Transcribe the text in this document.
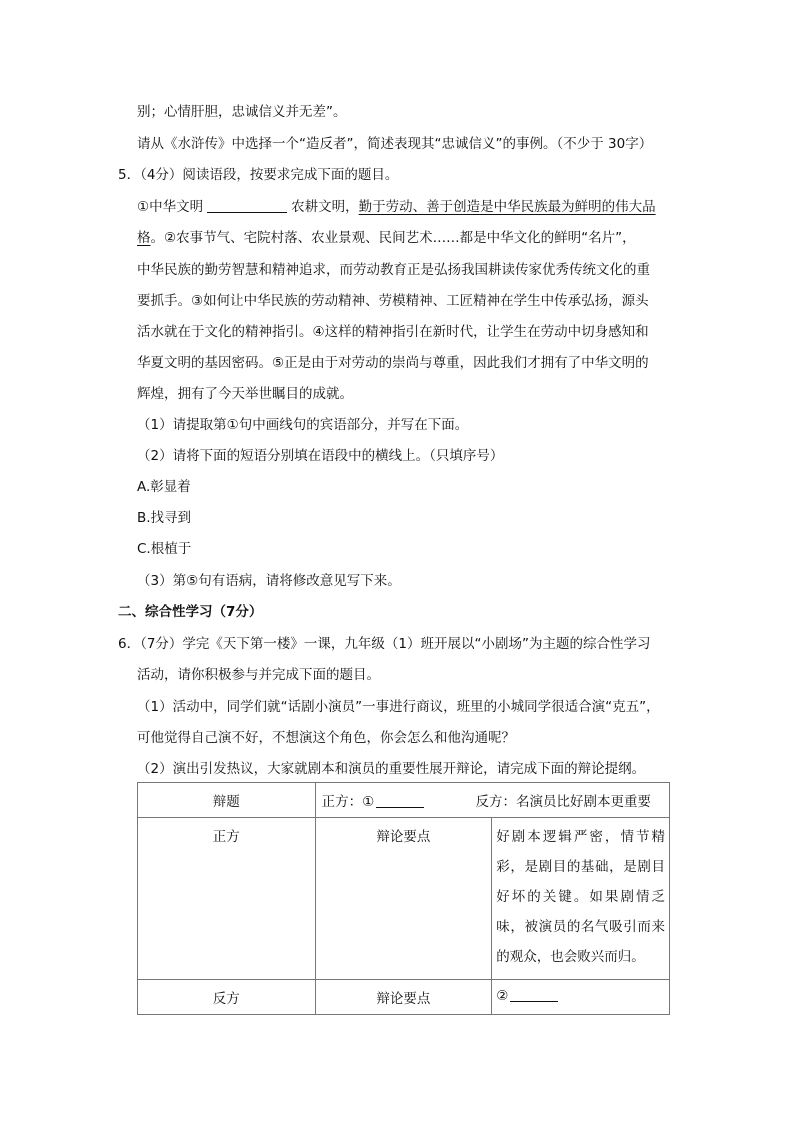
别；心情肝胆，忠诚信义并无差”。
请从《水浒传》中选择一个“造反者”，简述表现其“忠诚信义”的事例。（不少于 30字）
5．（4分）阅读语段，按要求完成下面的题目。
①中华文明	农耕文明，勤于劳动、善于创造是中华民族最为鲜明的伟大品
格。②农事节气、宅院村落、农业景观、民间艺术……都是中华文化的鲜明“名片”，
中华民族的勤劳智慧和精神追求，而劳动教育正是弘扬我国耕读传家优秀传统文化的重
要抓手。③如何让中华民族的劳动精神、劳模精神、工匠精神在学生中传承弘扬，源头
活水就在于文化的精神指引。④这样的精神指引在新时代，让学生在劳动中切身感知和
华夏文明的基因密码。⑤正是由于对劳动的崇尚与尊重，因此我们才拥有了中华文明的
辉煌，拥有了今天举世瞩目的成就。
（1）请提取第①句中画线句的宾语部分，并写在下面。
（2）请将下面的短语分别填在语段中的横线上。（只填序号）
A.彰显着
B.找寻到
C.根植于
（3）第⑤句有语病，请将修改意见写下来。
二、综合性学习（7分）
6．（7分）学完《天下第一楼》一课，九年级（1）班开展以“小剧场”为主题的综合性学习
活动，请你积极参与并完成下面的题目。
（1）活动中，同学们就“话剧小演员”一事进行商议，班里的小城同学很适合演“克五”，
可他觉得自己演不好，不想演这个角色，你会怎么和他沟通呢？
（2）演出引发热议，大家就剧本和演员的重要性展开辩论，请完成下面的辩论提纲。
辩题	正方：① 反方：名演员比好剧本更重要	

正方	辩论要点	好剧本逻辑严密，情节精彩，是剧目的基础，是剧目好坏的关键。如果剧情乏味，被演员的名气吸引而来的观众，也会败兴而归。
反方	辩论要点	②
